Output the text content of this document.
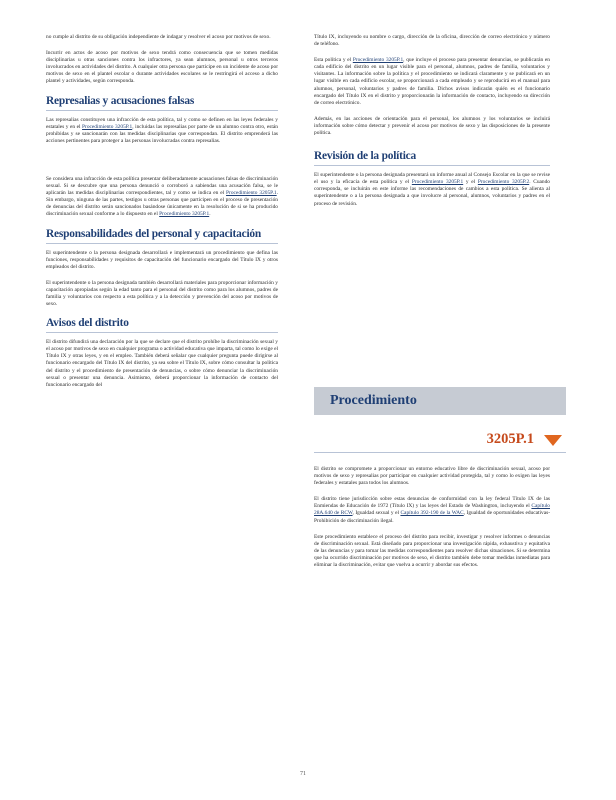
no cumple al distrito de su obligación independiente de indagar y resolver el acoso por motivos de sexo.

Incurrir en actos de acoso por motivos de sexo tendrá como consecuencia que se tomen medidas disciplinarias u otras sanciones contra los infractores, ya sean alumnos, personal u otros terceros involucrados en actividades del distrito. A cualquier otra persona que participe en un incidente de acoso por motivos de sexo en el plantel escolar o durante actividades escolares se le restringirá el acceso a dicho plantel y actividades, según corresponda.

Represalias y acusaciones falsas

Las represalias constituyen una infracción de esta política, tal y como se definen en las leyes federales y estatales y en el Procedimiento 3205P.1, incluidas las represalias por parte de un alumno contra otro, están prohibidas y se sancionarán con las medidas disciplinarias que correspondan. El distrito emprenderá las acciones pertinentes para proteger a las personas involucradas contra represalias.

Se considera una infracción de esta política presentar deliberadamente acusaciones falsas de discriminación sexual. Si se descubre que una persona denunció o corroboró a sabiendas una acusación falsa, se le aplicarán las medidas disciplinarias correspondientes, tal y como se indica en el Procedimiento 3205P.1. Sin embargo, ninguna de las partes, testigos u otras personas que participen en el proceso de presentación de denuncias del distrito serán sancionados basándose únicamente en la resolución de si se ha producido discriminación sexual conforme a lo dispuesto en el Procedimiento 3205P.1.

Responsabilidades del personal y capacitación

El superintendente o la persona designada desarrollará e implementará un procedimiento que defina las funciones, responsabilidades y requisitos de capacitación del funcionario encargado del Título IX y otros empleados del distrito.

El superintendente o la persona designada también desarrollará materiales para proporcionar información y capacitación apropiadas según la edad tanto para el personal del distrito como para los alumnos, padres de familia y voluntarios con respecto a esta política y a la detección y prevención del acoso por motivos de sexo.

Avisos del distrito

El distrito difundirá una declaración por la que se declare que el distrito prohíbe la discriminación sexual y el acoso por motivos de sexo en cualquier programa o actividad educativa que imparta, tal como lo exige el Título IX y otras leyes, y en el empleo. También deberá señalar que cualquier pregunta puede dirigirse al funcionario encargado del Título IX del distrito, ya sea sobre el Título IX, sobre cómo consultar la política del distrito y el procedimiento de presentación de denuncias, o sobre cómo denunciar la discriminación sexual o presentar una denuncia. Asimismo, deberá proporcionar la información de contacto del funcionario encargado del

Título IX, incluyendo su nombre o cargo, dirección de la oficina, dirección de correo electrónico y número de teléfono.

Esta política y el Procedimiento 3205P.1, que incluye el proceso para presentar denuncias, se publicarán en cada edificio del distrito en un lugar visible para el personal, alumnos, padres de familia, voluntarios y visitantes. La información sobre la política y el procedimiento se indicará claramente y se publicará en un lugar visible en cada edificio escolar, se proporcionará a cada empleado y se reproducirá en el manual para alumnos, personal, voluntarios y padres de familia. Dichos avisos indicarán quién es el funcionario encargado del Título IX en el distrito y proporcionarán la información de contacto, incluyendo su dirección de correo electrónico.

Además, en las acciones de orientación para el personal, los alumnos y los voluntarios se incluirá información sobre cómo detectar y prevenir el acoso por motivos de sexo y las disposiciones de la presente política.

Revisión de la política

El superintendente o la persona designada presentará un informe anual al Consejo Escolar en la que se revise el uso y la eficacia de esta política y el Procedimiento 3205P.1 y el Procedimiento 3205P.2. Cuando corresponda, se incluirán en este informe las recomendaciones de cambios a esta política. Se alienta al superintendente o a la persona designada a que involucre al personal, alumnos, voluntarios y padres en el proceso de revisión.

Procedimiento
3205P.1

El distrito se compromete a proporcionar un entorno educativo libre de discriminación sexual, acoso por motivos de sexo y represalias por participar en cualquier actividad protegida, tal y como lo exigen las leyes federales y estatales para todos los alumnos.

El distrito tiene jurisdicción sobre estas denuncias de conformidad con la ley federal Título IX de las Enmiendas de Educación de 1972 (Título IX) y las leyes del Estado de Washington, incluyendo el Capítulo 28A.640 de RCW, Igualdad sexual y el Capítulo 392-190 de la WAC, Igualdad de oportunidades educativas-Prohibición de discriminación ilegal.

Este procedimiento establece el proceso del distrito para recibir, investigar y resolver informes o denuncias de discriminación sexual. Está diseñado para proporcionar una investigación rápida, exhaustiva y equitativa de las denuncias y para tomar las medidas correspondientes para resolver dichas situaciones. Si se determina que ha ocurrido discriminación por motivos de sexo, el distrito también debe tomar medidas inmediatas para eliminar la discriminación, evitar que vuelva a ocurrir y abordar sus efectos.

71
